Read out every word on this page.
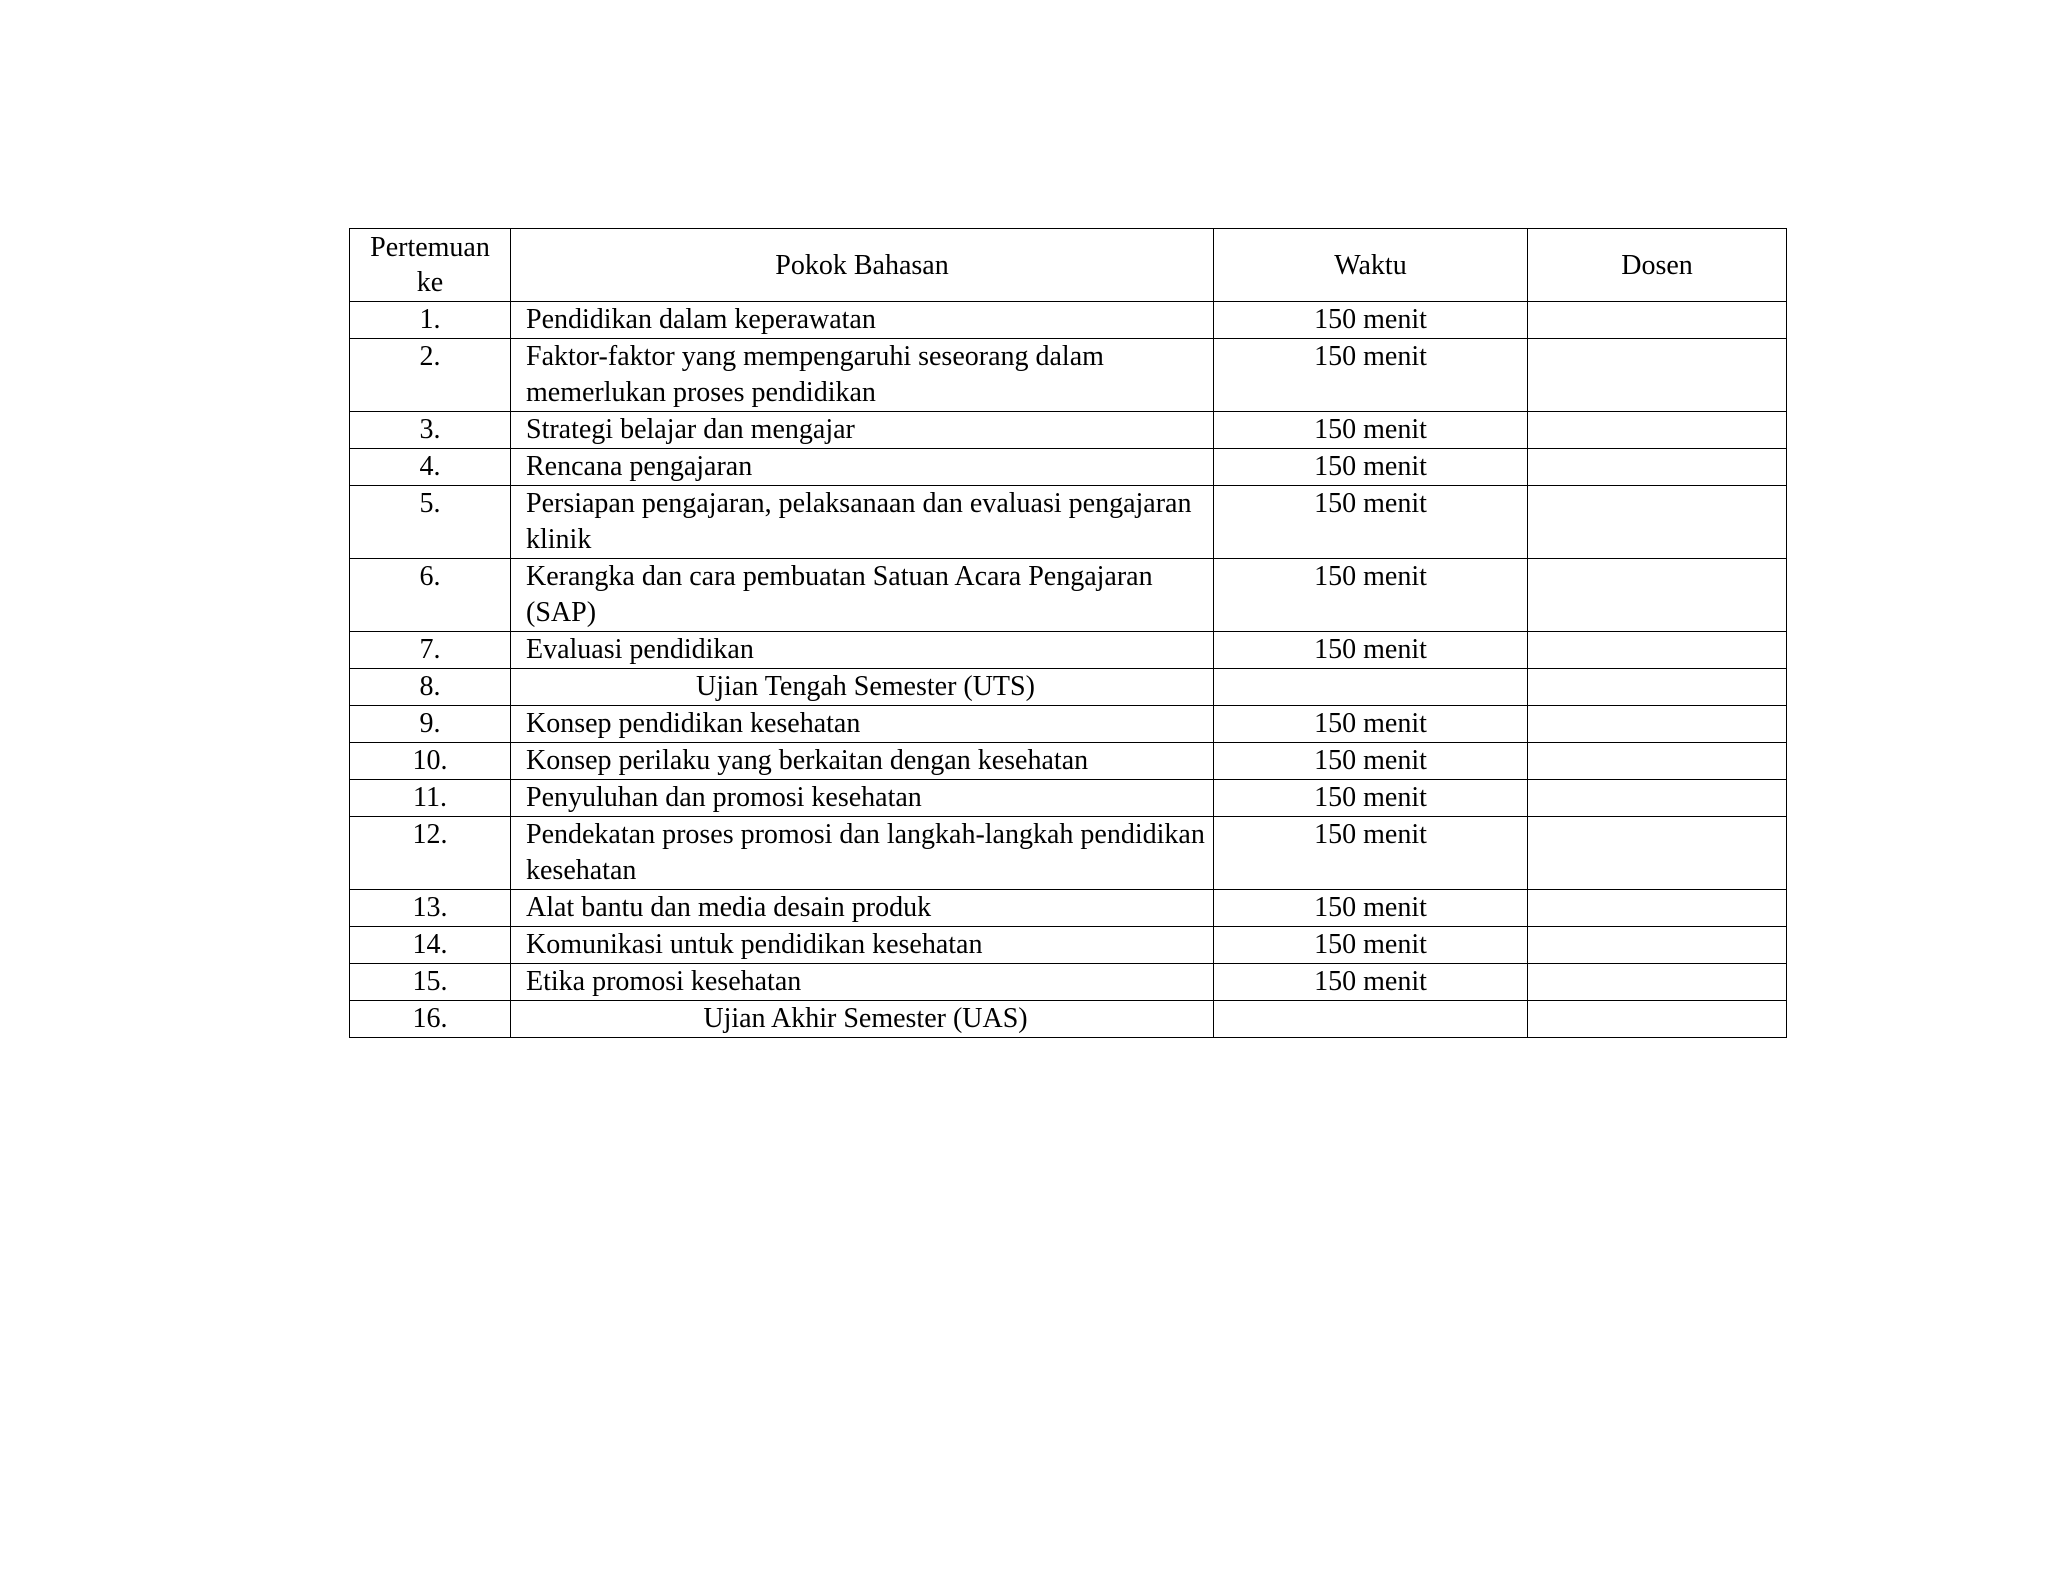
Pertemuan ke	Pokok Bahasan	Waktu	Dosen
1.	Pendidikan dalam keperawatan	150 menit	
2.	Faktor-faktor yang mempengaruhi seseorang dalam memerlukan proses pendidikan	150 menit	
3.	Strategi belajar dan mengajar	150 menit	
4.	Rencana pengajaran	150 menit	
5.	Persiapan pengajaran, pelaksanaan dan evaluasi pengajaran klinik	150 menit	
6.	Kerangka dan cara pembuatan Satuan Acara Pengajaran (SAP)	150 menit	
7.	Evaluasi pendidikan	150 menit	
8.	Ujian Tengah Semester (UTS)		
9.	Konsep pendidikan kesehatan	150 menit	
10.	Konsep perilaku yang berkaitan dengan kesehatan	150 menit	
11.	Penyuluhan dan promosi kesehatan	150 menit	
12.	Pendekatan proses promosi dan langkah-langkah pendidikan kesehatan	150 menit	
13.	Alat bantu dan media desain produk	150 menit	
14.	Komunikasi untuk pendidikan kesehatan	150 menit	
15.	Etika promosi kesehatan	150 menit	
16.	Ujian Akhir Semester (UAS)		
